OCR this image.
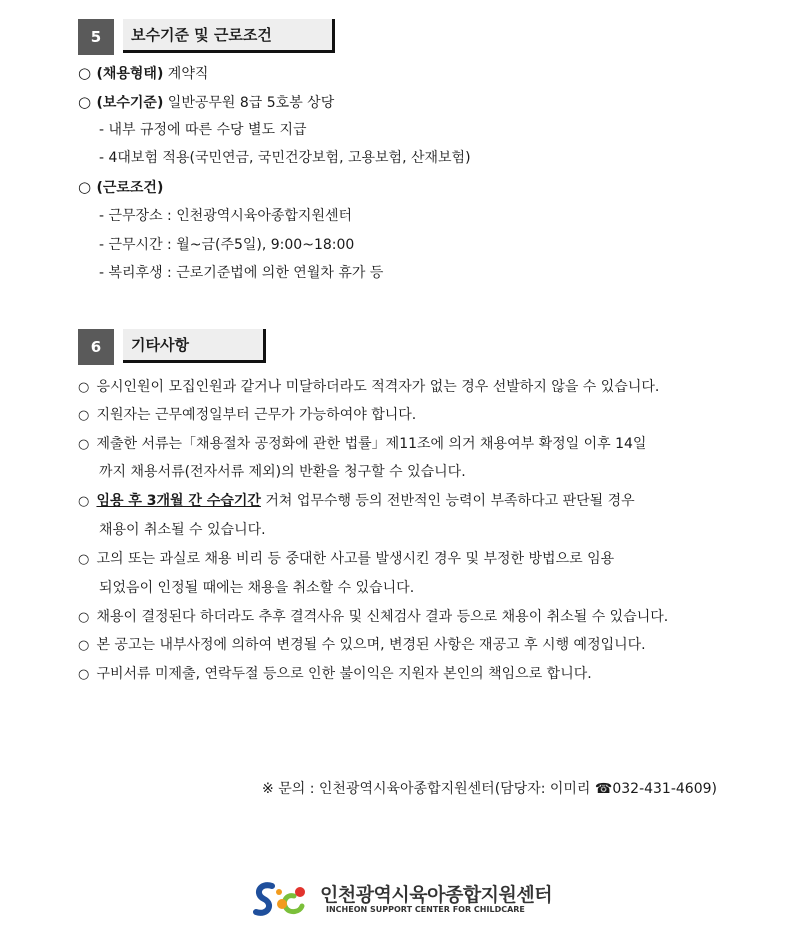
5	보수기준 및 근로조건
○ (채용형태) 계약직
○ (보수기준) 일반공무원 8급 5호봉 상당
- 내부 규정에 따른 수당 별도 지급
- 4대보험 적용(국민연금, 국민건강보험, 고용보험, 산재보험)
○ (근로조건)
- 근무장소 : 인천광역시육아종합지원센터
- 근무시간 : 월~금(주5일), 9:00~18:00
- 복리후생 : 근로기준법에 의한 연월차 휴가 등
6	기타사항
○ 응시인원이 모집인원과 같거나 미달하더라도 적격자가 없는 경우 선발하지 않을 수 있습니다.
○ 지원자는 근무예정일부터 근무가 가능하여야 합니다.
○ 제출한 서류는「채용절차 공정화에 관한 법률」제11조에 의거 채용여부 확정일 이후 14일
까지 채용서류(전자서류 제외)의 반환을 청구할 수 있습니다.
○ 임용 후 3개월 간 수습기간 거쳐 업무수행 등의 전반적인 능력이 부족하다고 판단될 경우
채용이 취소될 수 있습니다.
○ 고의 또는 과실로 채용 비리 등 중대한 사고를 발생시킨 경우 및 부정한 방법으로 임용
되었음이 인정될 때에는 채용을 취소할 수 있습니다.
○ 채용이 결정된다 하더라도 추후 결격사유 및 신체검사 결과 등으로 채용이 취소될 수 있습니다.
○ 본 공고는 내부사정에 의하여 변경될 수 있으며, 변경된 사항은 재공고 후 시행 예정입니다.
○ 구비서류 미제출, 연락두절 등으로 인한 불이익은 지원자 본인의 책임으로 합니다.
※ 문의 : 인천광역시육아종합지원센터(담당자: 이미리 ☎032-431-4609)
인천광역시육아종합지원센터
INCHEON SUPPORT CENTER FOR CHILDCARE
